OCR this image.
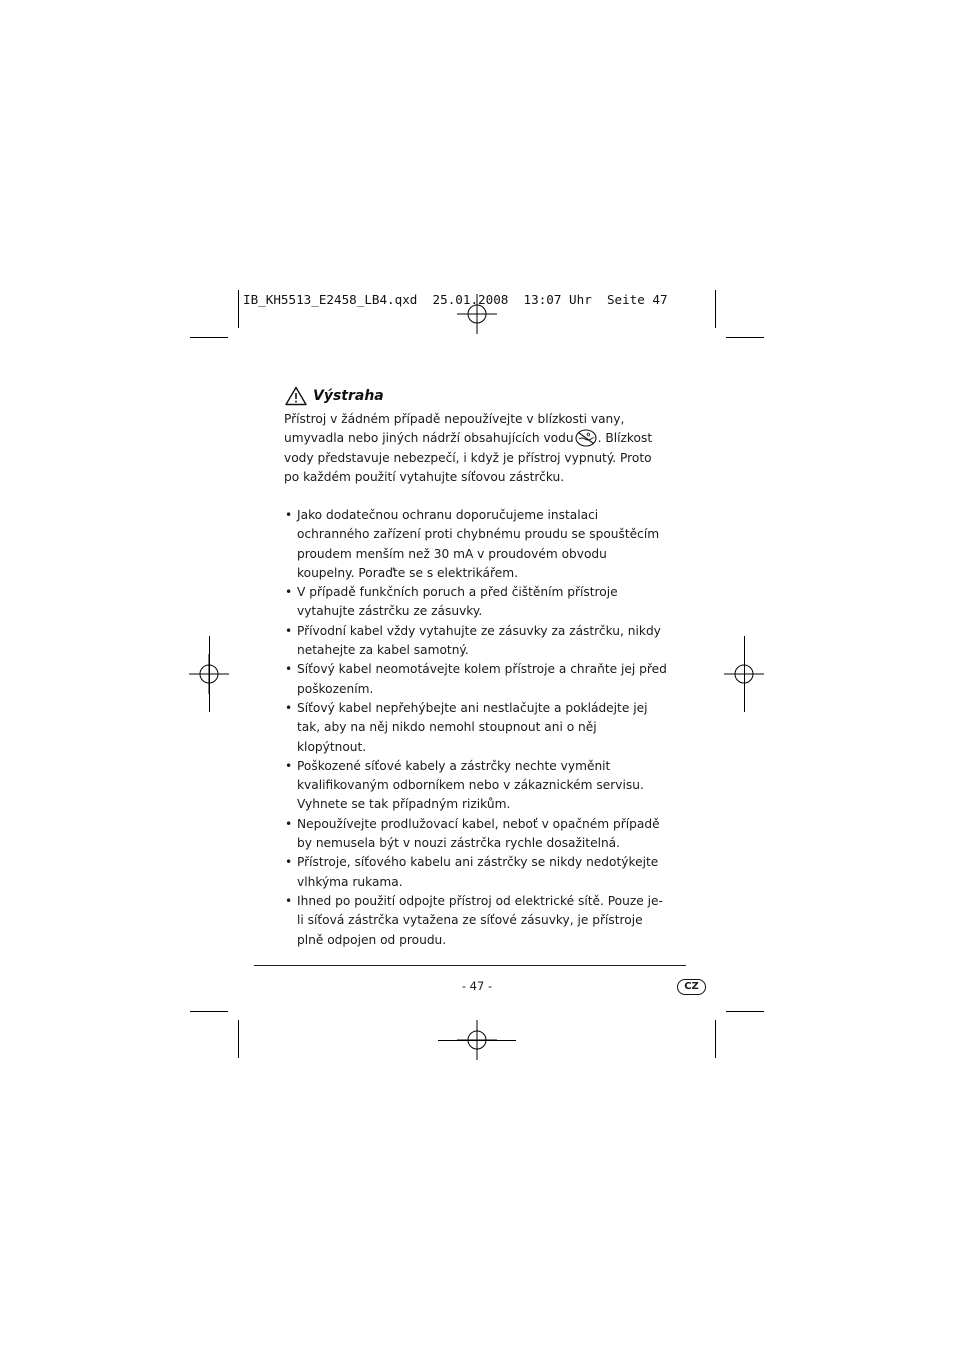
IB_KH5513_E2458_LB4.qxd  25.01.2008  13:07 Uhr  Seite 47
Výstraha
Přístroj v žádném případě nepoužívejte v blízkosti vany, umyvadla nebo jiných nádrží obsahujících vodu . Blízkost vody představuje nebezpečí, i když je přístroj vypnutý. Proto po každém použití vytahujte síťovou zástrčku.
• Jako dodatečnou ochranu doporučujeme instalaci ochranného zařízení proti chybnému proudu se spouštěcím proudem menším než 30 mA v proudovém obvodu koupelny. Poraďte se s elektrikářem.
• V případě funkčních poruch a před čištěním přístroje vytahujte zástrčku ze zásuvky.
• Přívodní kabel vždy vytahujte ze zásuvky za zástrčku, nikdy netahejte za kabel samotný.
• Síťový kabel neomotávejte kolem přístroje a chraňte jej před poškozením.
• Síťový kabel nepřehýbejte ani nestlačujte a pokládejte jej tak, aby na něj nikdo nemohl stoupnout ani o něj klopýtnout.
• Poškozené síťové kabely a zástrčky nechte vyměnit kvalifikovaným odborníkem nebo v zákaznickém servisu. Vyhnete se tak případným rizikům.
• Nepoužívejte prodlužovací kabel, neboť v opačném případě by nemusela být v nouzi zástrčka rychle dosažitelná.
• Přístroje, síťového kabelu ani zástrčky se nikdy nedotýkejte vlhkýma rukama.
• Ihned po použití odpojte přístroj od elektrické sítě. Pouze je-li síťová zástrčka vytažena ze síťové zásuvky, je přístroje plně odpojen od proudu.
- 47 -	CZ
